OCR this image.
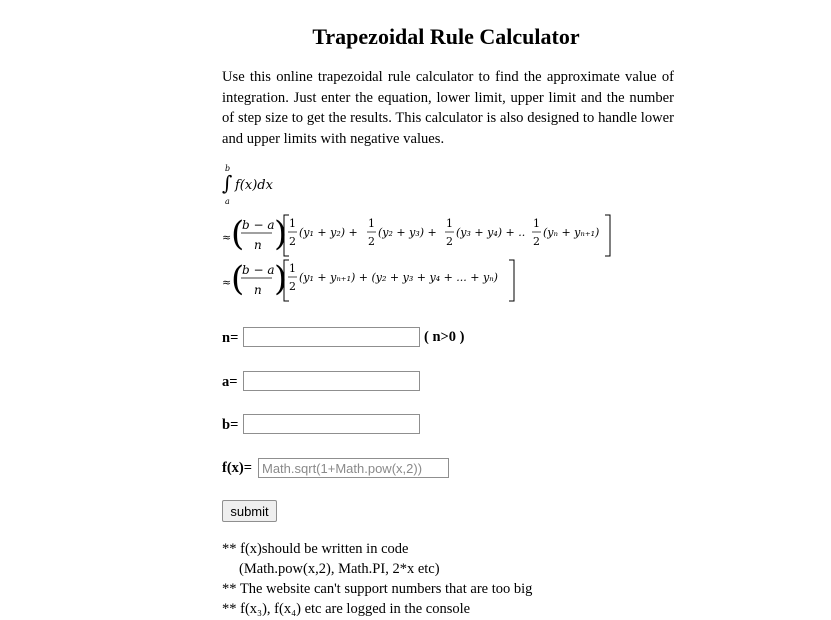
Trapezoidal Rule Calculator
Use this online trapezoidal rule calculator to find the approximate value of integration. Just enter the equation, lower limit, upper limit and the number of step size to get the results. This calculator is also designed to handle lower and upper limits with negative values.
b
∫
a
f(x)dx
≈ (
b − a
n ) 1
2
(y₁ + y₂) +
1
2
(y₂ + y₃) +
1
2
(y₃ + y₄) + ..
1
2
(yₙ + yₙ₊₁)
≈ (
b − a
n ) 1
2
(y₁ + yₙ₊₁) + (y₂ + y₃ + y₄ + ... + yₙ)
n=	( n>0 )
a=
b=
f(x)=
Math.sqrt(1+Math.pow(x,2))
submit
** f(x)should be written in code
(Math.pow(x,2), Math.PI, 2*x etc)
** The website can't support numbers that are too big
** f(x₃), f(x₄) etc are logged in the console
